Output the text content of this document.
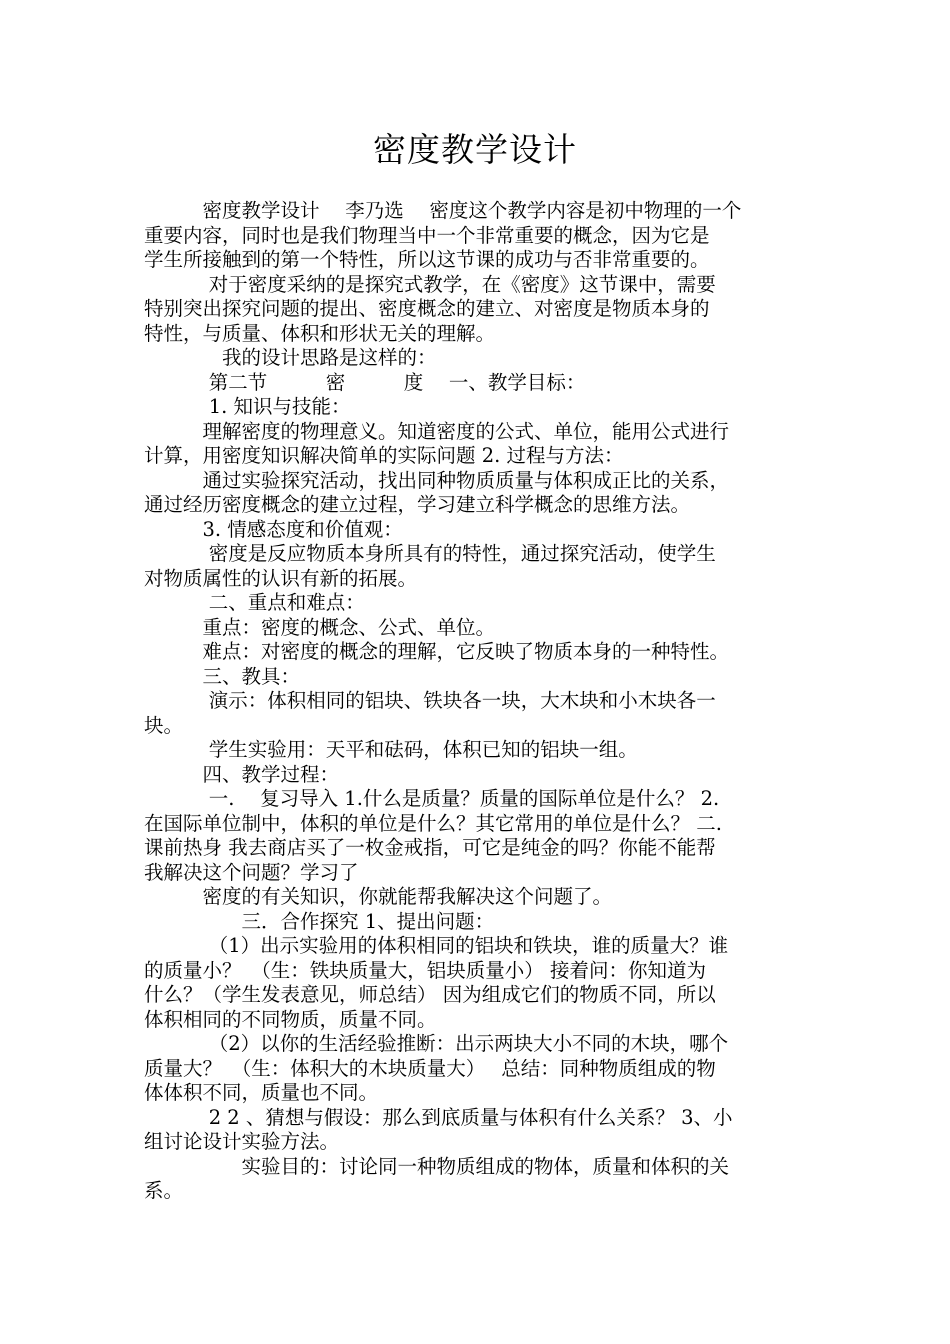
密度教学设计
　　　密度教学设计　 李乃选　 密度这个教学内容是初中物理的一个
重要内容，同时也是我们物理当中一个非常重要的概念，因为它是
学生所接触到的第一个特性，所以这节课的成功与否非常重要的。
　　　 对于密度采纳的是探究式教学，在《密度》这节课中，需要
特别突出探究问题的提出、密度概念的建立、对密度是物质本身的
特性，与质量、体积和形状无关的理解。
　　　　我的设计思路是这样的：
　　　 第二节　　　密　　　度　 一、教学目标：
　　　 1. 知识与技能：
　　　理解密度的物理意义。知道密度的公式、单位，能用公式进行
计算，用密度知识解决简单的实际问题 2. 过程与方法：
　　　通过实验探究活动，找出同种物质质量与体积成正比的关系，
通过经历密度概念的建立过程，学习建立科学概念的思维方法。
　　　3. 情感态度和价值观：
　　　 密度是反应物质本身所具有的特性，通过探究活动，使学生
对物质属性的认识有新的拓展。
　　　 二、重点和难点：
　　　重点：密度的概念、公式、单位。
　　　难点：对密度的概念的理解，它反映了物质本身的一种特性。
　　　三、教具：
　　　 演示：体积相同的铝块、铁块各一块，大木块和小木块各一
块。
　　　 学生实验用：天平和砝码，体积已知的铝块一组。
　　　四、教学过程：
　　　 一.　 复习导入 1.什么是质量？质量的国际单位是什么？ 2.
在国际单位制中，体积的单位是什么？其它常用的单位是什么？ 二.
课前热身 我去商店买了一枚金戒指，可它是纯金的吗？你能不能帮
我解决这个问题？学习了
　　　密度的有关知识，你就能帮我解决这个问题了。
　　　　　三．合作探究 1、提出问题：
　　　 （1）出示实验用的体积相同的铝块和铁块，谁的质量大？谁
的质量小？　（生：铁块质量大，铝块质量小） 接着问：你知道为
什么？（学生发表意见，师总结） 因为组成它们的物质不同，所以
体积相同的不同物质，质量不同。
　　　 （2）以你的生活经验推断：出示两块大小不同的木块，哪个
质量大？　（生：体积大的木块质量大）　 总结：同种物质组成的物
体体积不同，质量也不同。
　　　 2 2 、猜想与假设：那么到底质量与体积有什么关系？ 3、小
组讨论设计实验方法。
　　　　　实验目的：讨论同一种物质组成的物体，质量和体积的关
系。
